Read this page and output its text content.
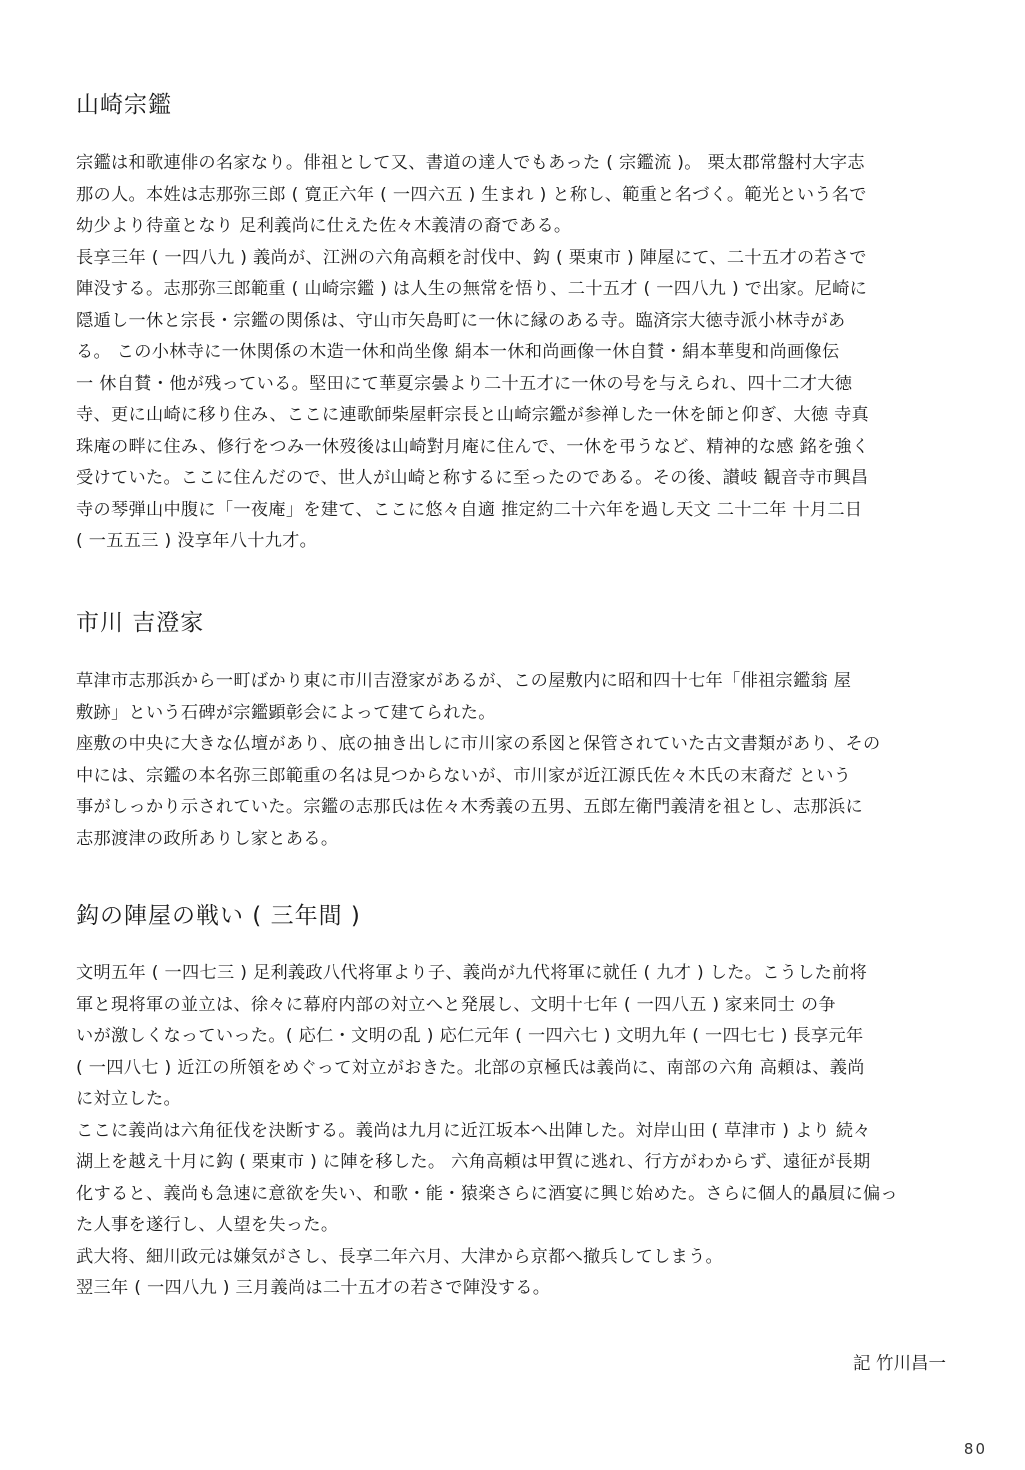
山崎宗鑑
宗鑑は和歌連俳の名家なり。俳祖として又、書道の達人でもあった ( 宗鑑流 )。 栗太郡常盤村大字志
那の人。本姓は志那弥三郎 ( 寛正六年 ( 一四六五 ) 生まれ ) と称し、範重と名づく。範光という名で
幼少より待童となり 足利義尚に仕えた佐々木義清の裔である。
長享三年 ( 一四八九 ) 義尚が、江洲の六角高頼を討伐中、鈎 ( 栗東市 ) 陣屋にて、二十五才の若さで
陣没する。志那弥三郎範重 ( 山崎宗鑑 ) は人生の無常を悟り、二十五才 ( 一四八九 ) で出家。尼崎に
隠遁し一休と宗長・宗鑑の関係は、守山市矢島町に一休に縁のある寺。臨済宗大徳寺派小林寺があ
る。 この小林寺に一休関係の木造一休和尚坐像 絹本一休和尚画像一休自賛・絹本華叟和尚画像伝
一 休自賛・他が残っている。堅田にて華夏宗曇より二十五才に一休の号を与えられ、四十二才大徳
寺、更に山崎に移り住み、ここに連歌師柴屋軒宗長と山崎宗鑑が参禅した一休を師と仰ぎ、大徳 寺真
珠庵の畔に住み、修行をつみ一休歿後は山崎對月庵に住んで、一休を弔うなど、精神的な感 銘を強く
受けていた。ここに住んだので、世人が山崎と称するに至ったのである。その後、讃岐 観音寺市興昌
寺の琴弾山中腹に「一夜庵」を建て、ここに悠々自適 推定約二十六年を過し天文 二十二年 十月二日
( 一五五三 ) 没享年八十九才。
市川 吉澄家
草津市志那浜から一町ばかり東に市川吉澄家があるが、この屋敷内に昭和四十七年「俳祖宗鑑翁 屋
敷跡」という石碑が宗鑑顕彰会によって建てられた。
座敷の中央に大きな仏壇があり、底の抽き出しに市川家の系図と保管されていた古文書類があり、その
中には、宗鑑の本名弥三郎範重の名は見つからないが、市川家が近江源氏佐々木氏の末裔だ という
事がしっかり示されていた。宗鑑の志那氏は佐々木秀義の五男、五郎左衛門義清を祖とし、志那浜に
志那渡津の政所ありし家とある。
鈎の陣屋の戦い ( 三年間 )
文明五年 ( 一四七三 ) 足利義政八代将軍より子、義尚が九代将軍に就任 ( 九才 ) した。こうした前将
軍と現将軍の並立は、徐々に幕府内部の対立へと発展し、文明十七年 ( 一四八五 ) 家来同士 の争
いが激しくなっていった。( 応仁・文明の乱 ) 応仁元年 ( 一四六七 ) 文明九年 ( 一四七七 ) 長享元年
( 一四八七 ) 近江の所領をめぐって対立がおきた。北部の京極氏は義尚に、南部の六角 高頼は、義尚
に対立した。
ここに義尚は六角征伐を決断する。義尚は九月に近江坂本へ出陣した。対岸山田 ( 草津市 ) より 続々
湖上を越え十月に鈎 ( 栗東市 ) に陣を移した。 六角高頼は甲賀に逃れ、行方がわからず、遠征が長期
化すると、義尚も急速に意欲を失い、和歌・能・猿楽さらに酒宴に興じ始めた。さらに個人的贔屓に偏っ
た人事を遂行し、人望を失った。
武大将、細川政元は嫌気がさし、長享二年六月、大津から京都へ撤兵してしまう。
翌三年 ( 一四八九 ) 三月義尚は二十五才の若さで陣没する。
記 竹川昌一
80
